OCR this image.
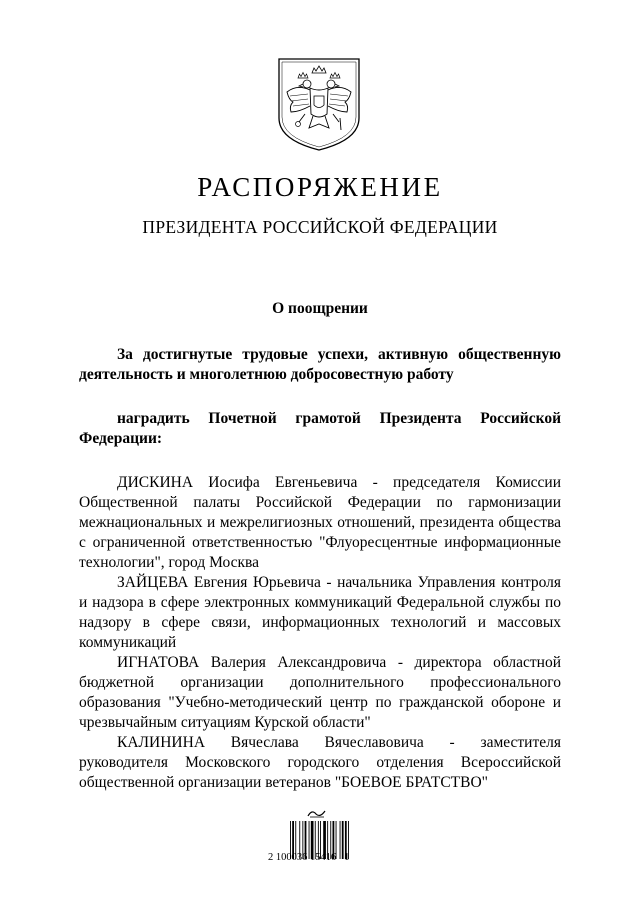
РАСПОРЯЖЕНИЕ
ПРЕЗИДЕНТА РОССИЙСКОЙ ФЕДЕРАЦИИ
О поощрении

За достигнутые трудовые успехи, активную общественную деятельность и многолетнюю добросовестную работу

наградить Почетной грамотой Президента Российской Федерации:

ДИСКИНА Иосифа Евгеньевича - председателя Комиссии Общественной палаты Российской Федерации по гармонизации межнациональных и межрелигиозных отношений, президента общества с ограниченной ответственностью "Флуоресцентные информационные технологии", город Москва

ЗАЙЦЕВА Евгения Юрьевича - начальника Управления контроля и надзора в сфере электронных коммуникаций Федеральной службы по надзору в сфере связи, информационных технологий и массовых коммуникаций

ИГНАТОВА Валерия Александровича - директора областной бюджетной организации дополнительного профессионального образования "Учебно-методический центр по гражданской обороне и чрезвычайным ситуациям Курской области"

КАЛИНИНА Вячеслава Вячеславовича - заместителя руководителя Московского городского отделения Всероссийской общественной организации ветеранов "БОЕВОЕ БРАТСТВО"

2 100036 15416   1
